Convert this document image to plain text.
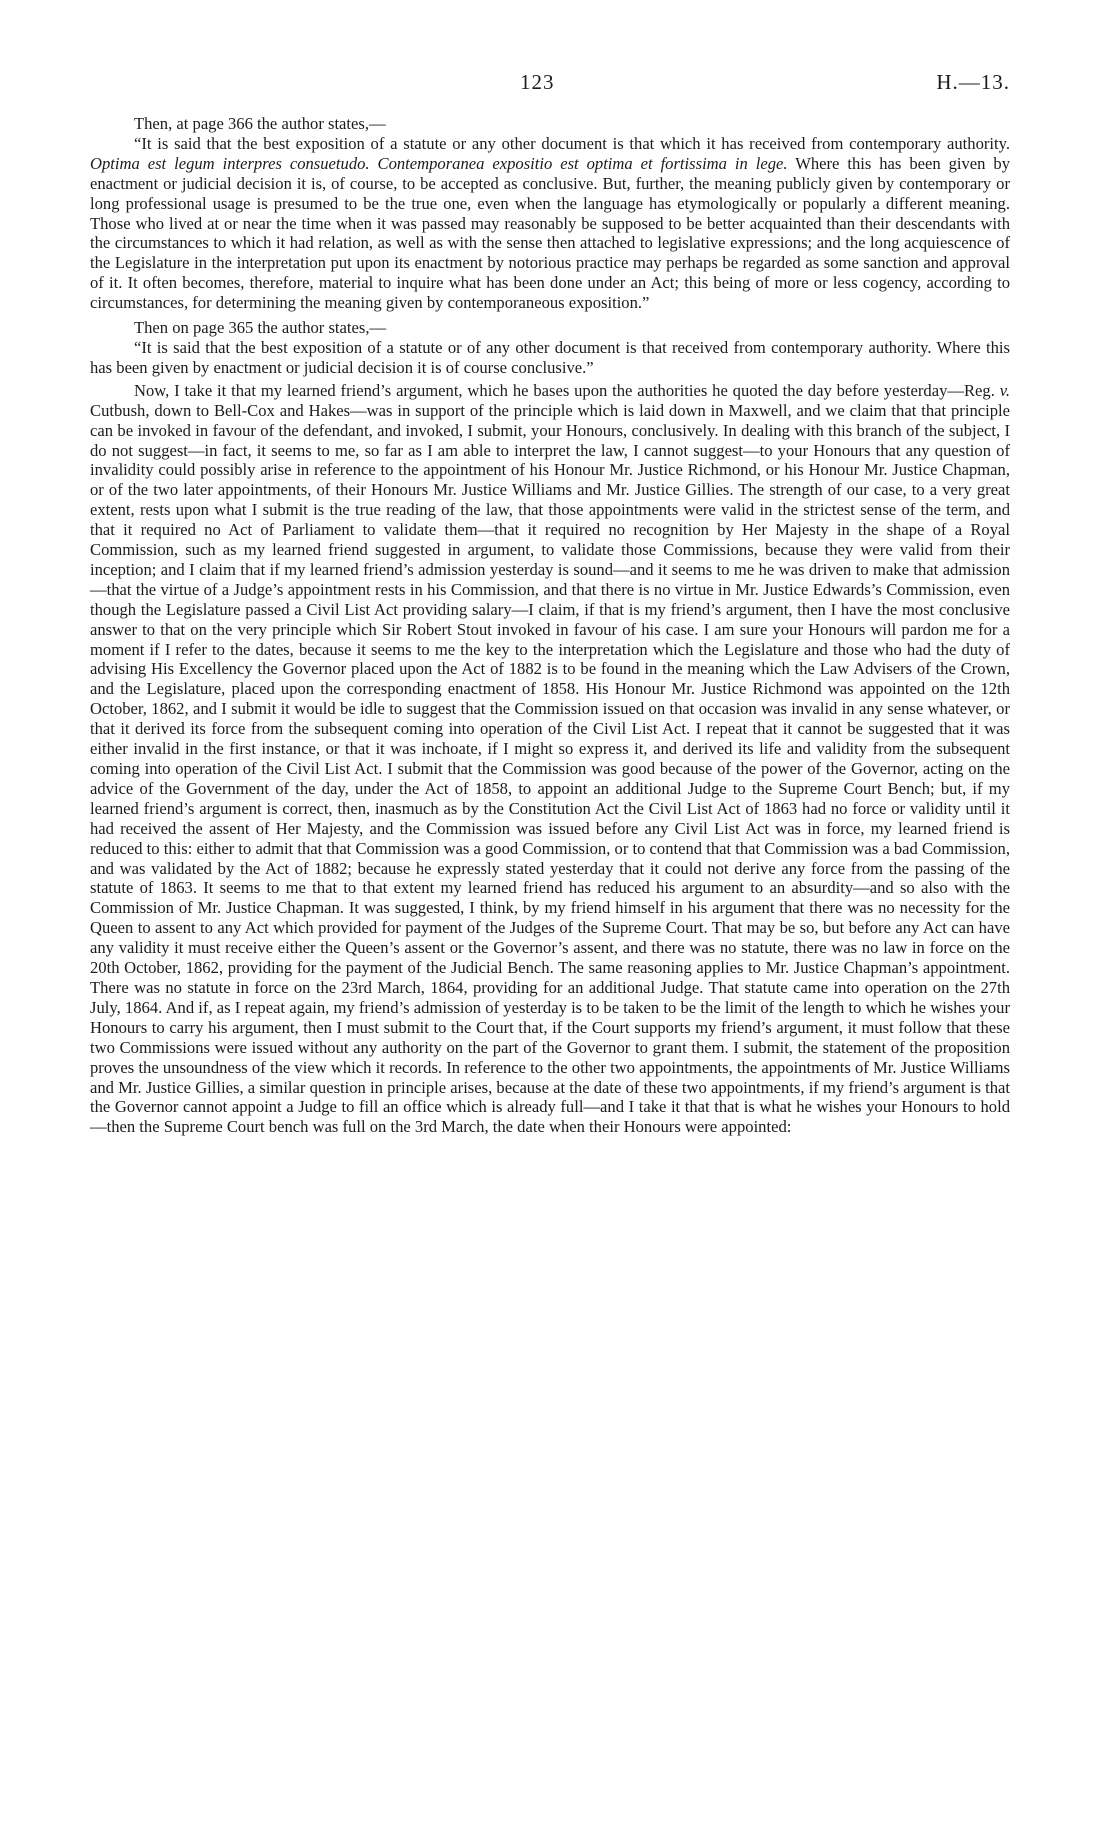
123	H.—13.

Then, at page 366 the author states,—

“It is said that the best exposition of a statute or any other document is that which it has received from contemporary authority. Optima est legum interpres consuetudo. Contemporanea expositio est optima et fortissima in lege. Where this has been given by enactment or judicial decision it is, of course, to be accepted as conclusive. But, further, the meaning publicly given by contemporary or long professional usage is presumed to be the true one, even when the language has etymologically or popularly a different meaning. Those who lived at or near the time when it was passed may reasonably be supposed to be better acquainted than their descendants with the circumstances to which it had relation, as well as with the sense then attached to legislative expressions; and the long acquiescence of the Legislature in the interpretation put upon its enactment by notorious practice may perhaps be regarded as some sanction and approval of it. It often becomes, therefore, material to inquire what has been done under an Act; this being of more or less cogency, according to circumstances, for determining the meaning given by contemporaneous exposition.”

Then on page 365 the author states,—

“It is said that the best exposition of a statute or of any other document is that received from contemporary authority. Where this has been given by enactment or judicial decision it is of course conclusive.”

Now, I take it that my learned friend’s argument, which he bases upon the authorities he quoted the day before yesterday—Reg. v. Cutbush, down to Bell-Cox and Hakes—was in support of the principle which is laid down in Maxwell, and we claim that that principle can be invoked in favour of the defendant, and invoked, I submit, your Honours, conclusively. In dealing with this branch of the subject, I do not suggest—in fact, it seems to me, so far as I am able to interpret the law, I cannot suggest—to your Honours that any question of invalidity could possibly arise in reference to the appointment of his Honour Mr. Justice Richmond, or his Honour Mr. Justice Chapman, or of the two later appointments, of their Honours Mr. Justice Williams and Mr. Justice Gillies. The strength of our case, to a very great extent, rests upon what I submit is the true reading of the law, that those appointments were valid in the strictest sense of the term, and that it required no Act of Parliament to validate them—that it required no recognition by Her Majesty in the shape of a Royal Commission, such as my learned friend suggested in argument, to validate those Commissions, because they were valid from their inception; and I claim that if my learned friend’s admission yesterday is sound—and it seems to me he was driven to make that admission—that the virtue of a Judge’s appointment rests in his Commission, and that there is no virtue in Mr. Justice Edwards’s Commission, even though the Legislature passed a Civil List Act providing salary—I claim, if that is my friend’s argument, then I have the most conclusive answer to that on the very principle which Sir Robert Stout invoked in favour of his case. I am sure your Honours will pardon me for a moment if I refer to the dates, because it seems to me the key to the interpretation which the Legislature and those who had the duty of advising His Excellency the Governor placed upon the Act of 1882 is to be found in the meaning which the Law Advisers of the Crown, and the Legislature, placed upon the corresponding enactment of 1858. His Honour Mr. Justice Richmond was appointed on the 12th October, 1862, and I submit it would be idle to suggest that the Commission issued on that occasion was invalid in any sense whatever, or that it derived its force from the subsequent coming into operation of the Civil List Act. I repeat that it cannot be suggested that it was either invalid in the first instance, or that it was inchoate, if I might so express it, and derived its life and validity from the subsequent coming into operation of the Civil List Act. I submit that the Commission was good because of the power of the Governor, acting on the advice of the Government of the day, under the Act of 1858, to appoint an additional Judge to the Supreme Court Bench; but, if my learned friend’s argument is correct, then, inasmuch as by the Constitution Act the Civil List Act of 1863 had no force or validity until it had received the assent of Her Majesty, and the Commission was issued before any Civil List Act was in force, my learned friend is reduced to this: either to admit that that Commission was a good Commission, or to contend that that Commission was a bad Commission, and was validated by the Act of 1882; because he expressly stated yesterday that it could not derive any force from the passing of the statute of 1863. It seems to me that to that extent my learned friend has reduced his argument to an absurdity—and so also with the Commission of Mr. Justice Chapman. It was suggested, I think, by my friend himself in his argument that there was no necessity for the Queen to assent to any Act which provided for payment of the Judges of the Supreme Court. That may be so, but before any Act can have any validity it must receive either the Queen’s assent or the Governor’s assent, and there was no statute, there was no law in force on the 20th October, 1862, providing for the payment of the Judicial Bench. The same reasoning applies to Mr. Justice Chapman’s appointment. There was no statute in force on the 23rd March, 1864, providing for an additional Judge. That statute came into operation on the 27th July, 1864. And if, as I repeat again, my friend’s admission of yesterday is to be taken to be the limit of the length to which he wishes your Honours to carry his argument, then I must submit to the Court that, if the Court supports my friend’s argument, it must follow that these two Commissions were issued without any authority on the part of the Governor to grant them. I submit, the statement of the proposition proves the unsoundness of the view which it records. In reference to the other two appointments, the appointments of Mr. Justice Williams and Mr. Justice Gillies, a similar question in principle arises, because at the date of these two appointments, if my friend’s argument is that the Governor cannot appoint a Judge to fill an office which is already full—and I take it that that is what he wishes your Honours to hold—then the Supreme Court bench was full on the 3rd March, the date when their Honours were appointed:
